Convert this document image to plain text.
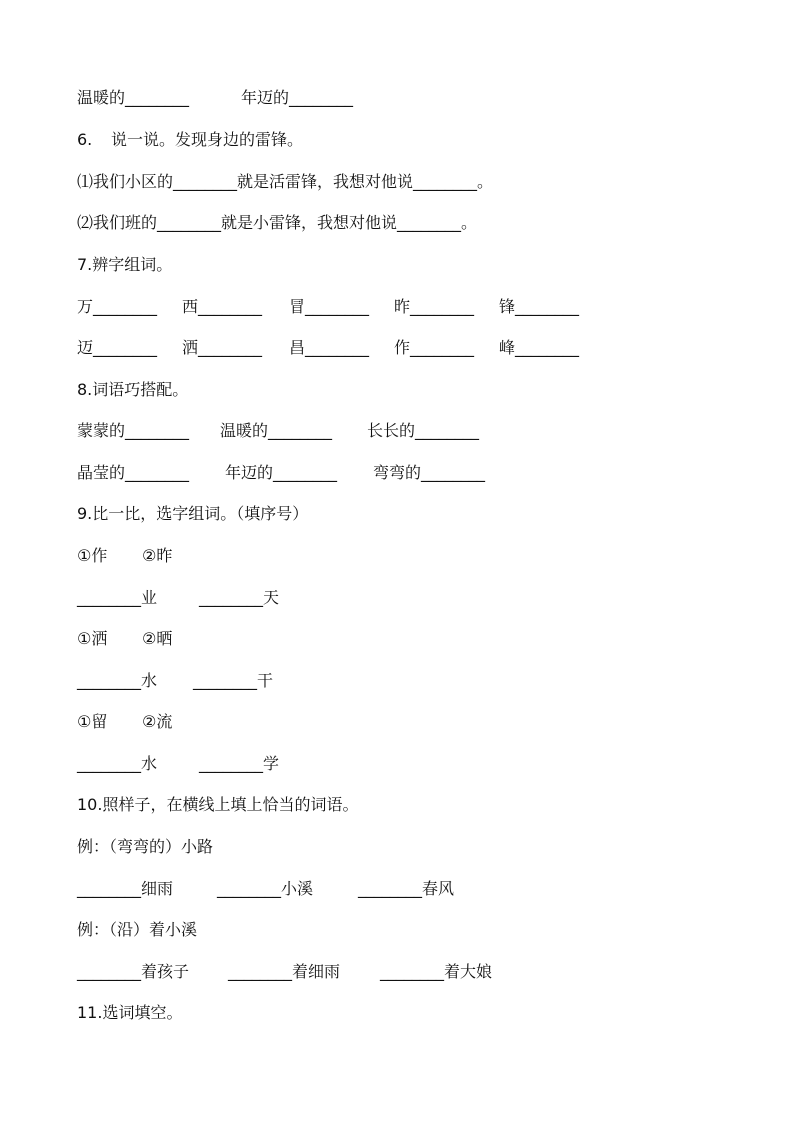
温暖的________	年迈的________
6. 说一说。发现身边的雷锋。
⑴我们小区的________就是活雷锋，我想对他说________。
⑵我们班的________就是小雷锋，我想对他说________。
7.辨字组词。
万________ 西________ 冒________ 昨________ 锋________
迈________ 洒________ 昌________ 作________ 峰________
8.词语巧搭配。
蒙蒙的________ 温暖的________ 长长的________
晶莹的________ 年迈的________ 弯弯的________
9.比一比，选字组词。（填序号）
①作 ②昨
________业	________天
①洒 ②晒
________水 ________干
①留 ②流
________水	________学
10.照样子，在横线上填上恰当的词语。
例：（弯弯的）小路
________细雨	________小溪	________春风
例：（沿）着小溪
________着孩子 ________着细雨 ________着大娘
11.选词填空。
